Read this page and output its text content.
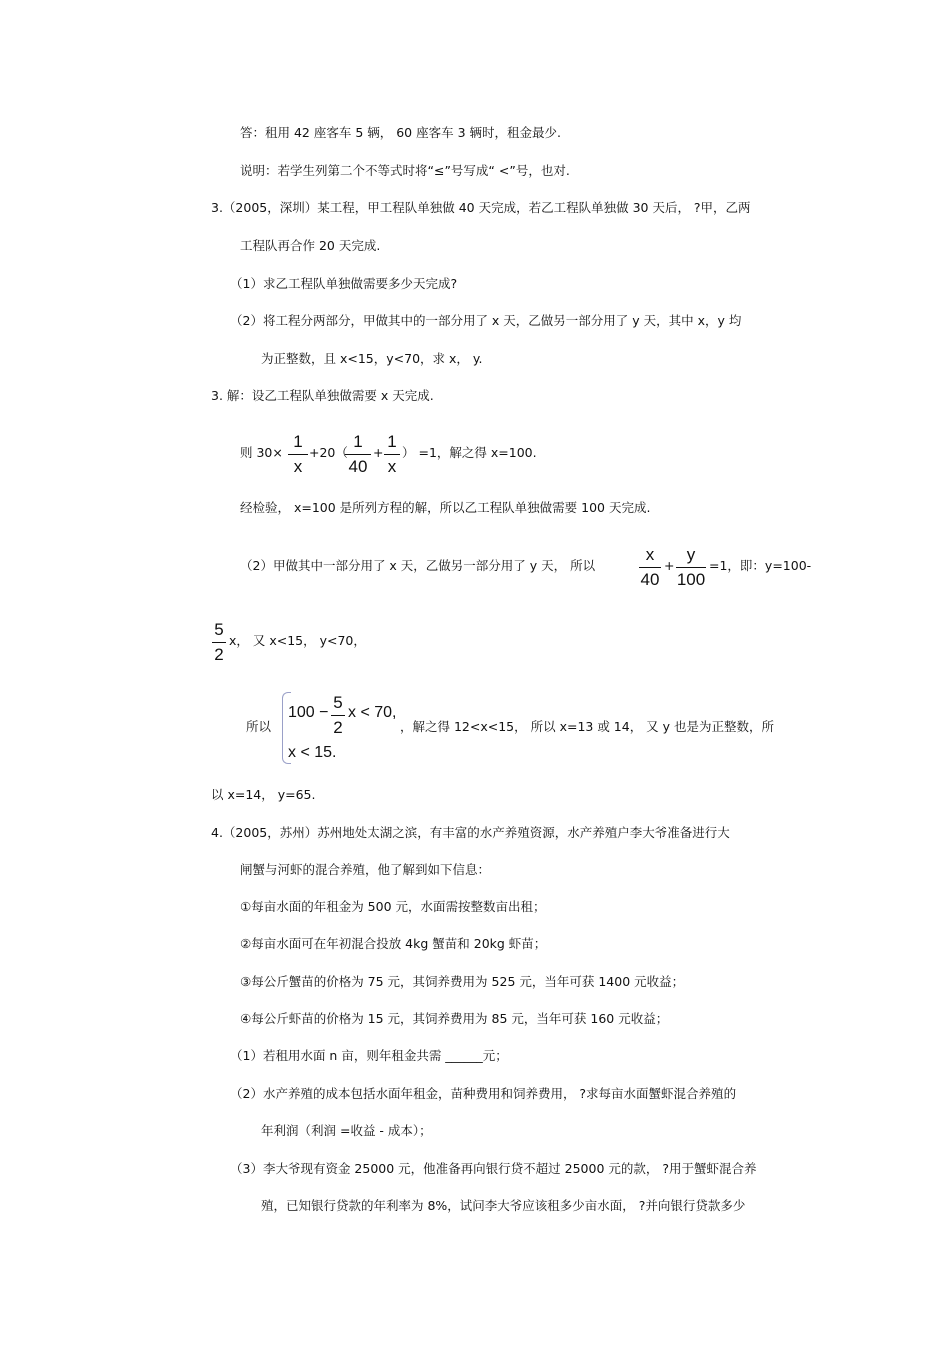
答：租用 42 座客车 5 辆， 60 座客车 3 辆时，租金最少.
说明：若学生列第二个不等式时将“≤”号写成“ <”号，也对.
3.（2005，深圳）某工程，甲工程队单独做 40 天完成，若乙工程队单独做 30 天后， ?甲，乙两
工程队再合作 20 天完成.
（1）求乙工程队单独做需要多少天完成?
（2）将工程分两部分，甲做其中的一部分用了 x 天，乙做另一部分用了 y 天，其中 x，y 均
为正整数，且 x<15，y<70，求 x， y.
3. 解：设乙工程队单独做需要 x 天完成.
则 30×
1
x
+20（
1
40
+
1
x
） =1，解之得 x=100.
经检验， x=100 是所列方程的解，所以乙工程队单独做需要 100 天完成.
（2）甲做其中一部分用了 x 天，乙做另一部分用了 y 天， 所以
x
40
+
y
100
=1，即：y=100-
5
2
x， 又 x<15， y<70，
所以
100 −
5
2
x < 70,
x < 15.
，解之得 12<x<15， 所以 x=13 或 14， 又 y 也是为正整数，所
以 x=14， y=65.
4.（2005，苏州）苏州地处太湖之滨，有丰富的水产养殖资源，水产养殖户李大爷准备进行大
闸蟹与河虾的混合养殖，他了解到如下信息：
①每亩水面的年租金为 500 元，水面需按整数亩出租；
②每亩水面可在年初混合投放 4kg 蟹苗和 20kg 虾苗；
③每公斤蟹苗的价格为 75 元，其饲养费用为 525 元，当年可获 1400 元收益；
④每公斤虾苗的价格为 15 元，其饲养费用为 85 元，当年可获 160 元收益；
（1）若租用水面 n 亩，则年租金共需 ______元；
（2）水产养殖的成本包括水面年租金，苗种费用和饲养费用， ?求每亩水面蟹虾混合养殖的
年利润（利润 =收益 - 成本）；
（3）李大爷现有资金 25000 元，他准备再向银行贷不超过 25000 元的款， ?用于蟹虾混合养
殖，已知银行贷款的年利率为 8%，试问李大爷应该租多少亩水面， ?并向银行贷款多少
